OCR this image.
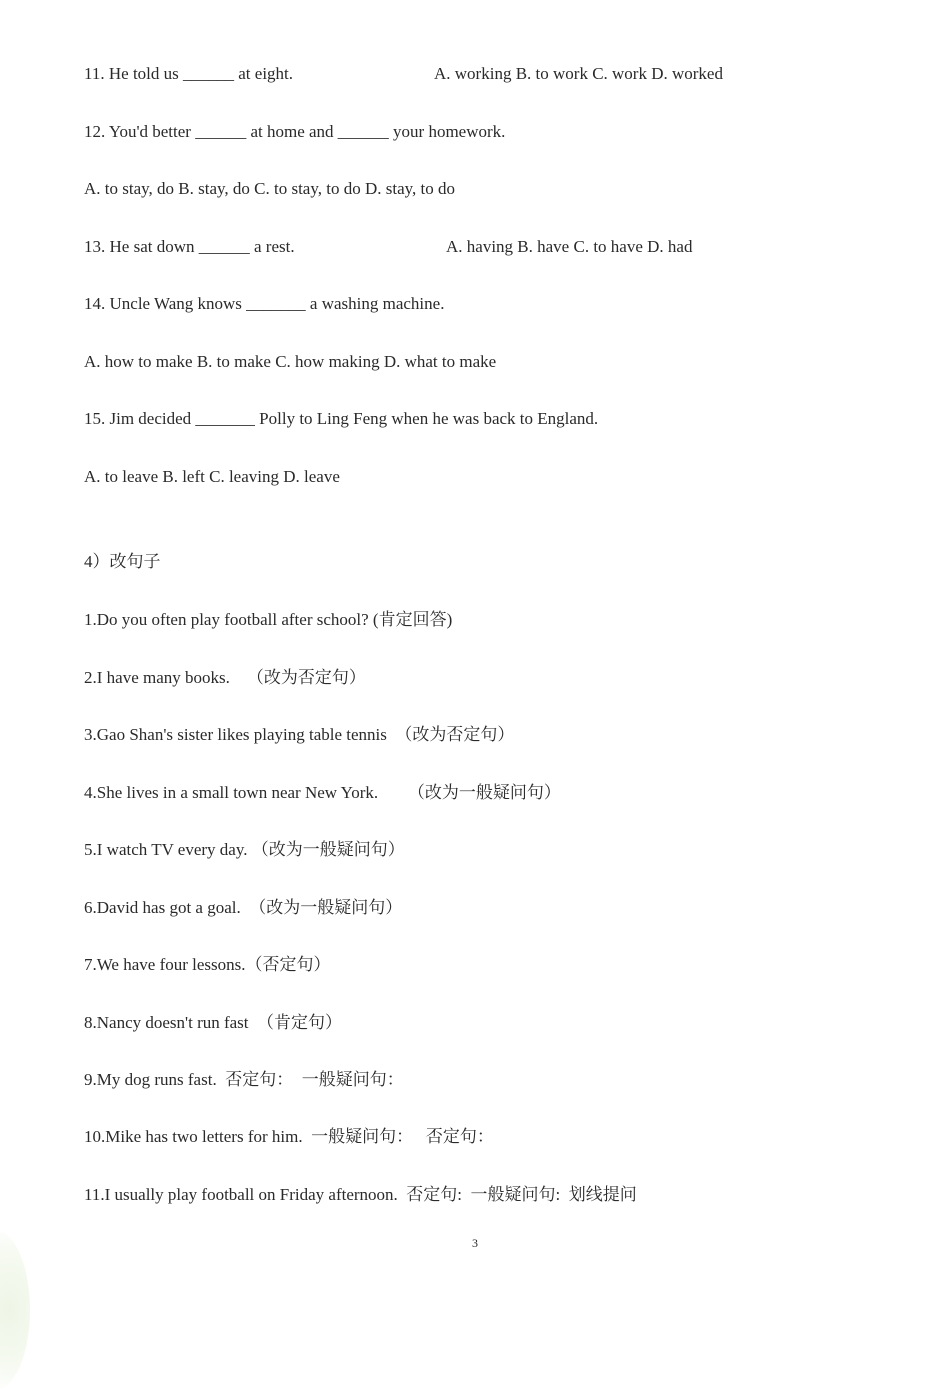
11. He told us ______ at eight.	A. working B. to work C. work D. worked
12. You'd better ______ at home and ______ your homework.
A. to stay, do B. stay, do C. to stay, to do D. stay, to do
13. He sat down ______ a rest.	A. having B. have C. to have D. had
14. Uncle Wang knows _______ a washing machine.
A. how to make B. to make C. how making D. what to make
15. Jim decided _______ Polly to Ling Feng when he was back to England.
A. to leave B. left C. leaving D. leave
4）改句子
1.Do you often play football after school? (肯定回答)
2.I have many books.    （改为否定句）
3.Gao Shan's sister likes playing table tennis  （改为否定句）
4.She lives in a small town near New York.       （改为一般疑问句）
5.I watch TV every day. （改为一般疑问句）
6.David has got a goal.  （改为一般疑问句）
7.We have four lessons.（否定句）
8.Nancy doesn't run fast  （肯定句）
9.My dog runs fast.  否定句：  一般疑问句：
10.Mike has two letters for him.  一般疑问句：   否定句：
11.I usually play football on Friday afternoon.  否定句:  一般疑问句:  划线提问
3
